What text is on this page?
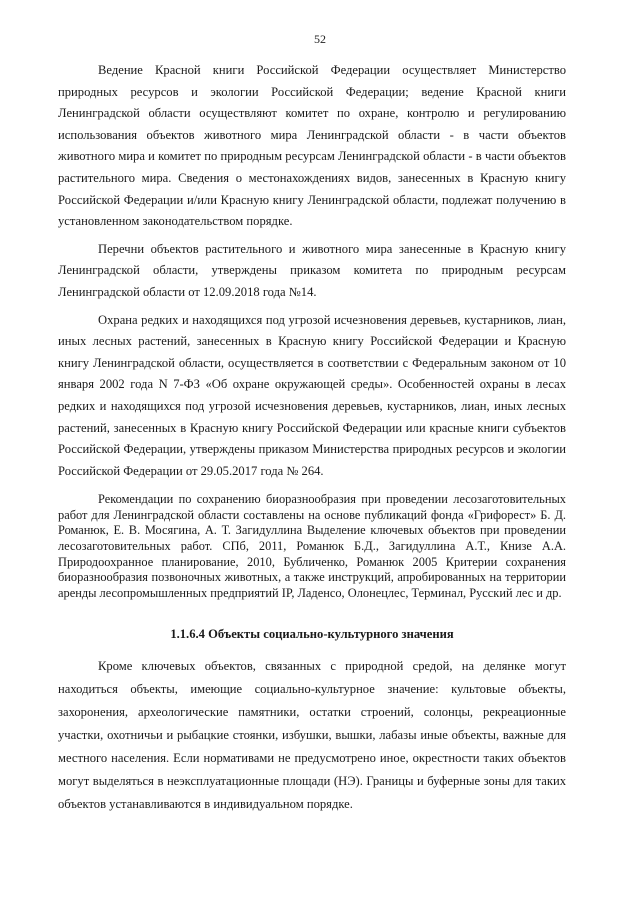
52

Ведение Красной книги Российской Федерации осуществляет Министерство природных ресурсов и экологии Российской Федерации; ведение Красной книги Ленинградской области осуществляют комитет по охране, контролю и регулированию использования объектов животного мира Ленинградской области - в части объектов животного мира и комитет по природным ресурсам Ленинградской области - в части объектов растительного мира. Сведения о местонахождениях видов, занесенных в Красную книгу Российской Федерации и/или Красную книгу Ленинградской области, подлежат получению в установленном законодательством порядке.

Перечни объектов растительного и животного мира занесенные в Красную книгу Ленинградской области, утверждены приказом комитета по природным ресурсам Ленинградской области от 12.09.2018 года №14.

Охрана редких и находящихся под угрозой исчезновения деревьев, кустарников, лиан, иных лесных растений, занесенных в Красную книгу Российской Федерации и Красную книгу Ленинградской области, осуществляется в соответствии с Федеральным законом от 10 января 2002 года N 7-ФЗ «Об охране окружающей среды». Особенностей охраны в лесах редких и находящихся под угрозой исчезновения деревьев, кустарников, лиан, иных лесных растений, занесенных в Красную книгу Российской Федерации или красные книги субъектов Российской Федерации, утверждены приказом Министерства природных ресурсов и экологии Российской Федерации от 29.05.2017 года № 264.

Рекомендации по сохранению биоразнообразия при проведении лесозаготовительных работ для Ленинградской области составлены на основе публикаций фонда «Грифорест» Б. Д. Романюк, Е. В. Мосягина, А. Т. Загидуллина Выделение ключевых объектов при проведении лесозаготовительных работ. СПб, 2011, Романюк Б.Д., Загидуллина А.Т., Книзе А.А. Природоохранное планирование, 2010, Бубличенко, Романюк 2005 Критерии сохранения биоразнообразия позвоночных животных, а также инструкций, апробированных на территории аренды лесопромышленных предприятий IP, Ладенсо, Олонецлес, Терминал, Русский лес и др.

1.1.6.4 Объекты социально-культурного значения

Кроме ключевых объектов, связанных с природной средой, на делянке могут находиться объекты, имеющие социально-культурное значение: культовые объекты, захоронения, археологические памятники, остатки строений, солонцы, рекреационные участки, охотничьи и рыбацкие стоянки, избушки, вышки, лабазы иные объекты, важные для местного населения. Если нормативами не предусмотрено иное, окрестности таких объектов могут выделяться в неэксплуатационные площади (НЭ). Границы и буферные зоны для таких объектов устанавливаются в индивидуальном порядке.
